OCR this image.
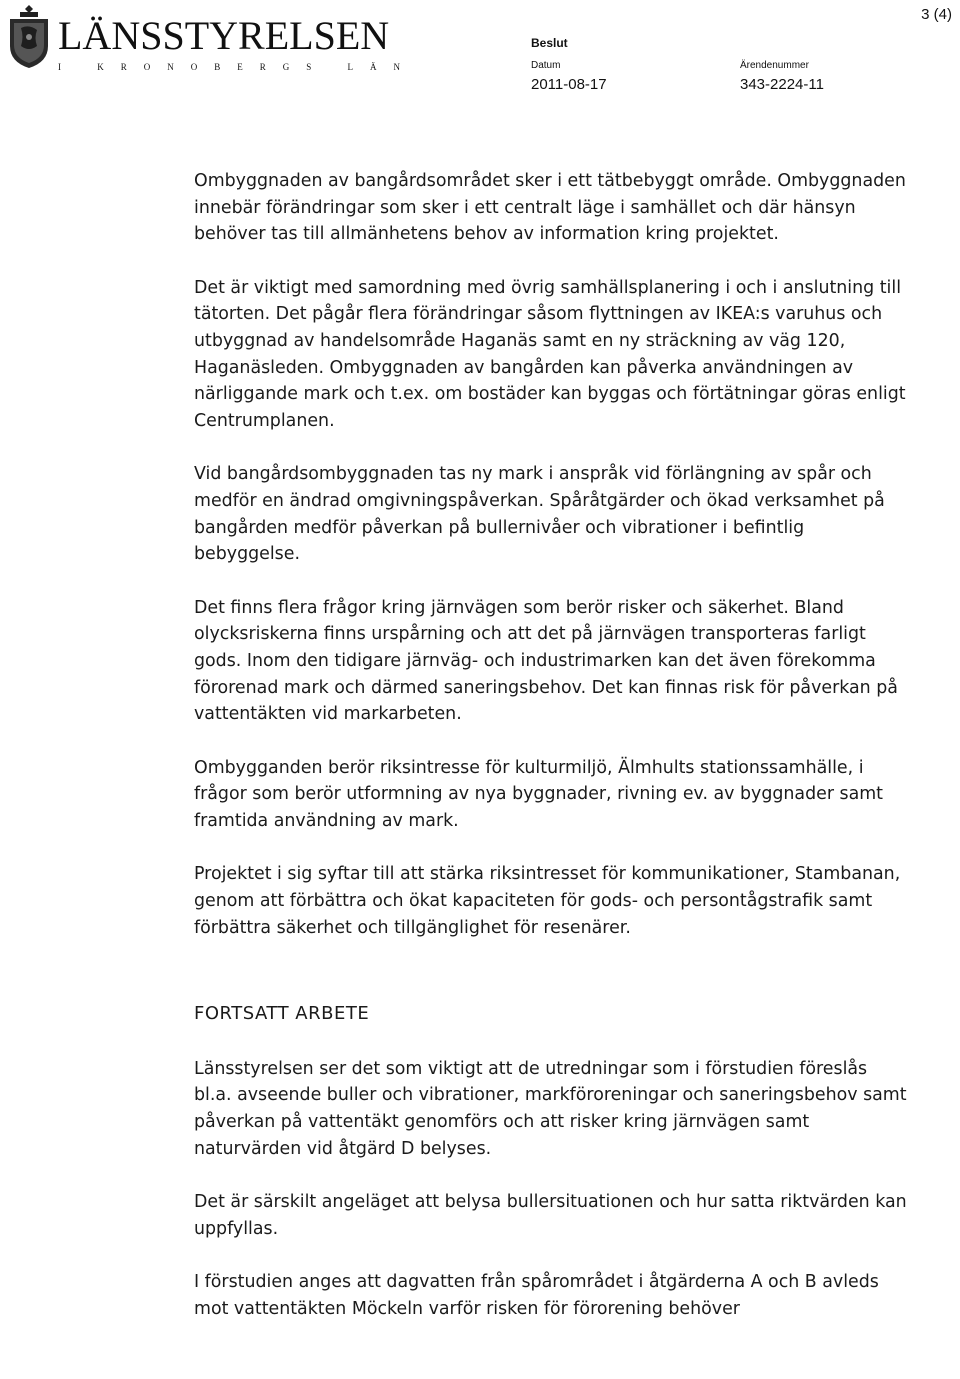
LÄNSSTYRELSEN
I KRONOBERGS LÄN
Beslut
Datum
2011-08-17
Ärendenummer
343-2224-11
3 (4)

Ombyggnaden av bangårdsområdet sker i ett tätbebyggt område. Ombyggnaden innebär förändringar som sker i ett centralt läge i samhället och där hänsyn behöver tas till allmänhetens behov av information kring projektet.

Det är viktigt med samordning med övrig samhällsplanering i och i anslutning till tätorten. Det pågår flera förändringar såsom flyttningen av IKEA:s varuhus och utbyggnad av handelsområde Haganäs samt en ny sträckning av väg 120, Haganäsleden. Ombyggnaden av bangården kan påverka användningen av närliggande mark och t.ex. om bostäder kan byggas och förtätningar göras enligt Centrumplanen.

Vid bangårdsombyggnaden tas ny mark i anspråk vid förlängning av spår och medför en ändrad omgivningspåverkan. Spåråtgärder och ökad verksamhet på bangården medför påverkan på bullernivåer och vibrationer i befintlig bebyggelse.

Det finns flera frågor kring järnvägen som berör risker och säkerhet. Bland olycksriskerna finns urspårning och att det på järnvägen transporteras farligt gods. Inom den tidigare järnväg- och industrimarken kan det även förekomma förorenad mark och därmed saneringsbehov. Det kan finnas risk för påverkan på vattentäkten vid markarbeten.

Ombygganden berör riksintresse för kulturmiljö, Älmhults stationssamhälle, i frågor som berör utformning av nya byggnader, rivning ev. av byggnader samt framtida användning av mark.

Projektet i sig syftar till att stärka riksintresset för kommunikationer, Stambanan, genom att förbättra och ökat kapaciteten för gods- och persontågstrafik samt förbättra säkerhet och tillgänglighet för resenärer.

FORTSATT ARBETE

Länsstyrelsen ser det som viktigt att de utredningar som i förstudien föreslås bl.a. avseende buller och vibrationer, markföroreningar och saneringsbehov samt påverkan på vattentäkt genomförs och att risker kring järnvägen samt naturvärden vid åtgärd D belyses.

Det är särskilt angeläget att belysa bullersituationen och hur satta riktvärden kan uppfyllas.

I förstudien anges att dagvatten från spårområdet i åtgärderna A och B avleds mot vattentäkten Möckeln varför risken för förorening behöver
